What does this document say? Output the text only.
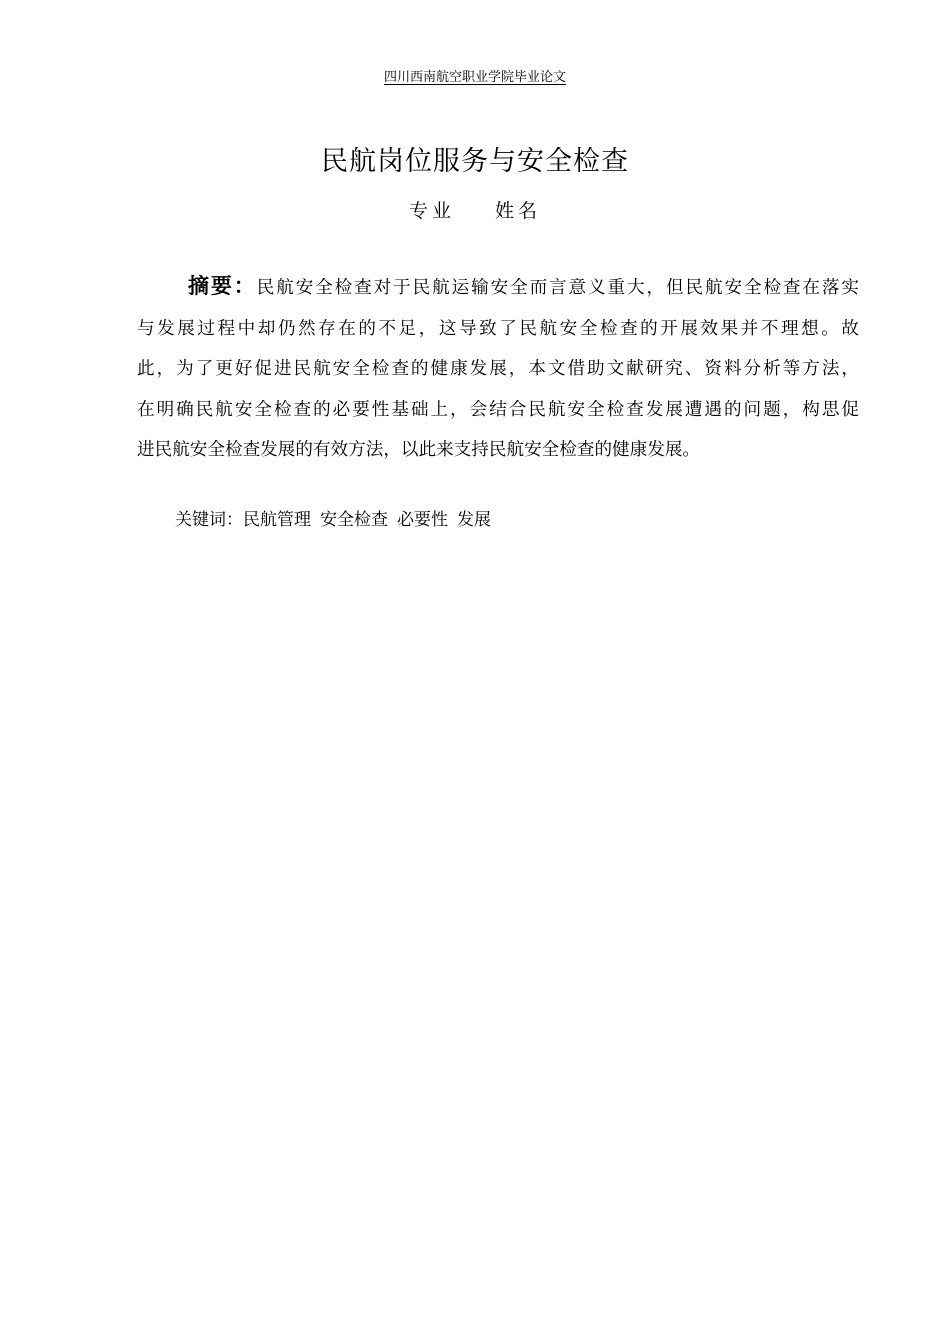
四川西南航空职业学院毕业论文
民航岗位服务与安全检查
专业 姓名
摘要：民航安全检查对于民航运输安全而言意义重大，但民航安全检查在落实
与发展过程中却仍然存在的不足，这导致了民航安全检查的开展效果并不理想。故
此，为了更好促进民航安全检查的健康发展，本文借助文献研究、资料分析等方法，
在明确民航安全检查的必要性基础上，会结合民航安全检查发展遭遇的问题，构思促
进民航安全检查发展的有效方法，以此来支持民航安全检查的健康发展。
关键词：民航管理 安全检查 必要性 发展
